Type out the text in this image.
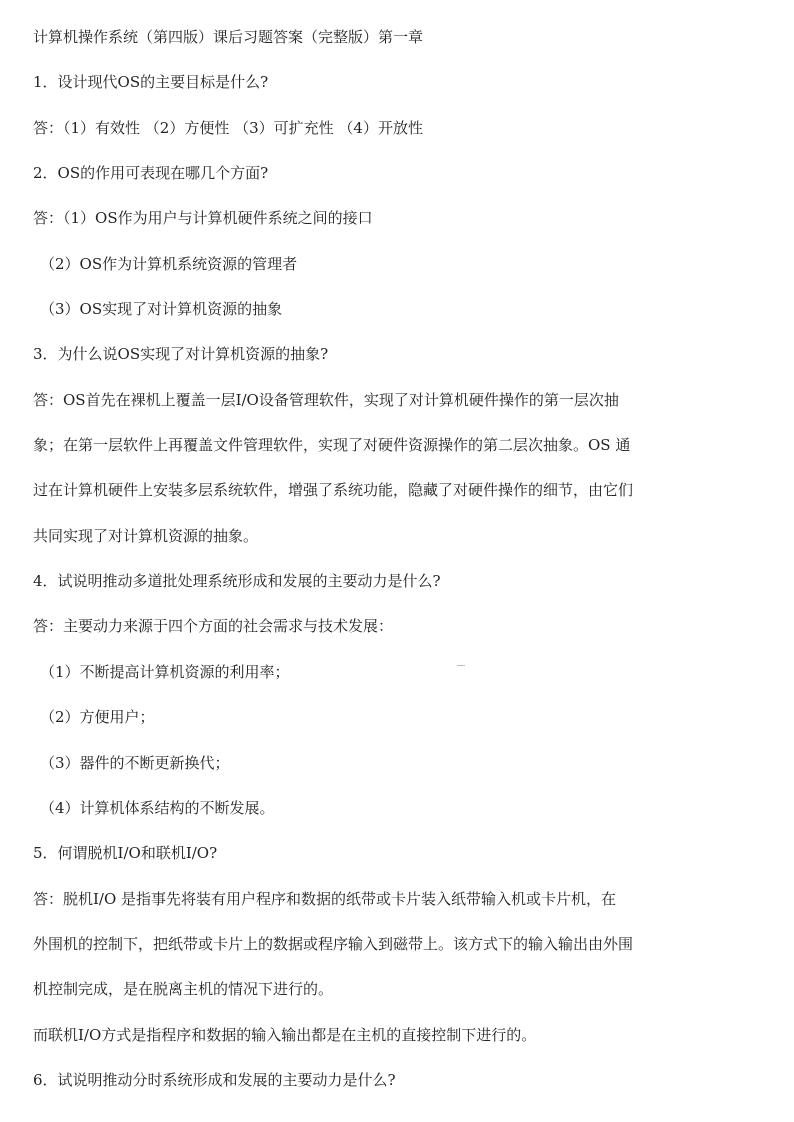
计算机操作系统（第四版）课后习题答案（完整版）第一章
1．设计现代OS的主要目标是什么?
答：（1）有效性 （2）方便性 （3）可扩充性 （4）开放性
2．OS的作用可表现在哪几个方面?
答：（1）OS作为用户与计算机硬件系统之间的接口
（2）OS作为计算机系统资源的管理者
（3）OS实现了对计算机资源的抽象
3．为什么说OS实现了对计算机资源的抽象?
答：OS首先在裸机上覆盖一层I/O设备管理软件，实现了对计算机硬件操作的第一层次抽
象；在第一层软件上再覆盖文件管理软件，实现了对硬件资源操作的第二层次抽象。OS 通
过在计算机硬件上安装多层系统软件，增强了系统功能，隐藏了对硬件操作的细节，由它们
共同实现了对计算机资源的抽象。
4．试说明推动多道批处理系统形成和发展的主要动力是什么?
答：主要动力来源于四个方面的社会需求与技术发展：
（1）不断提高计算机资源的利用率；
（2）方便用户；
（3）器件的不断更新换代；
（4）计算机体系结构的不断发展。
5．何谓脱机I/O和联机I/O?
答：脱机I/O 是指事先将装有用户程序和数据的纸带或卡片装入纸带输入机或卡片机，在
外围机的控制下，把纸带或卡片上的数据或程序输入到磁带上。该方式下的输入输出由外围
机控制完成，是在脱离主机的情况下进行的。
而联机I/O方式是指程序和数据的输入输出都是在主机的直接控制下进行的。
6．试说明推动分时系统形成和发展的主要动力是什么?
